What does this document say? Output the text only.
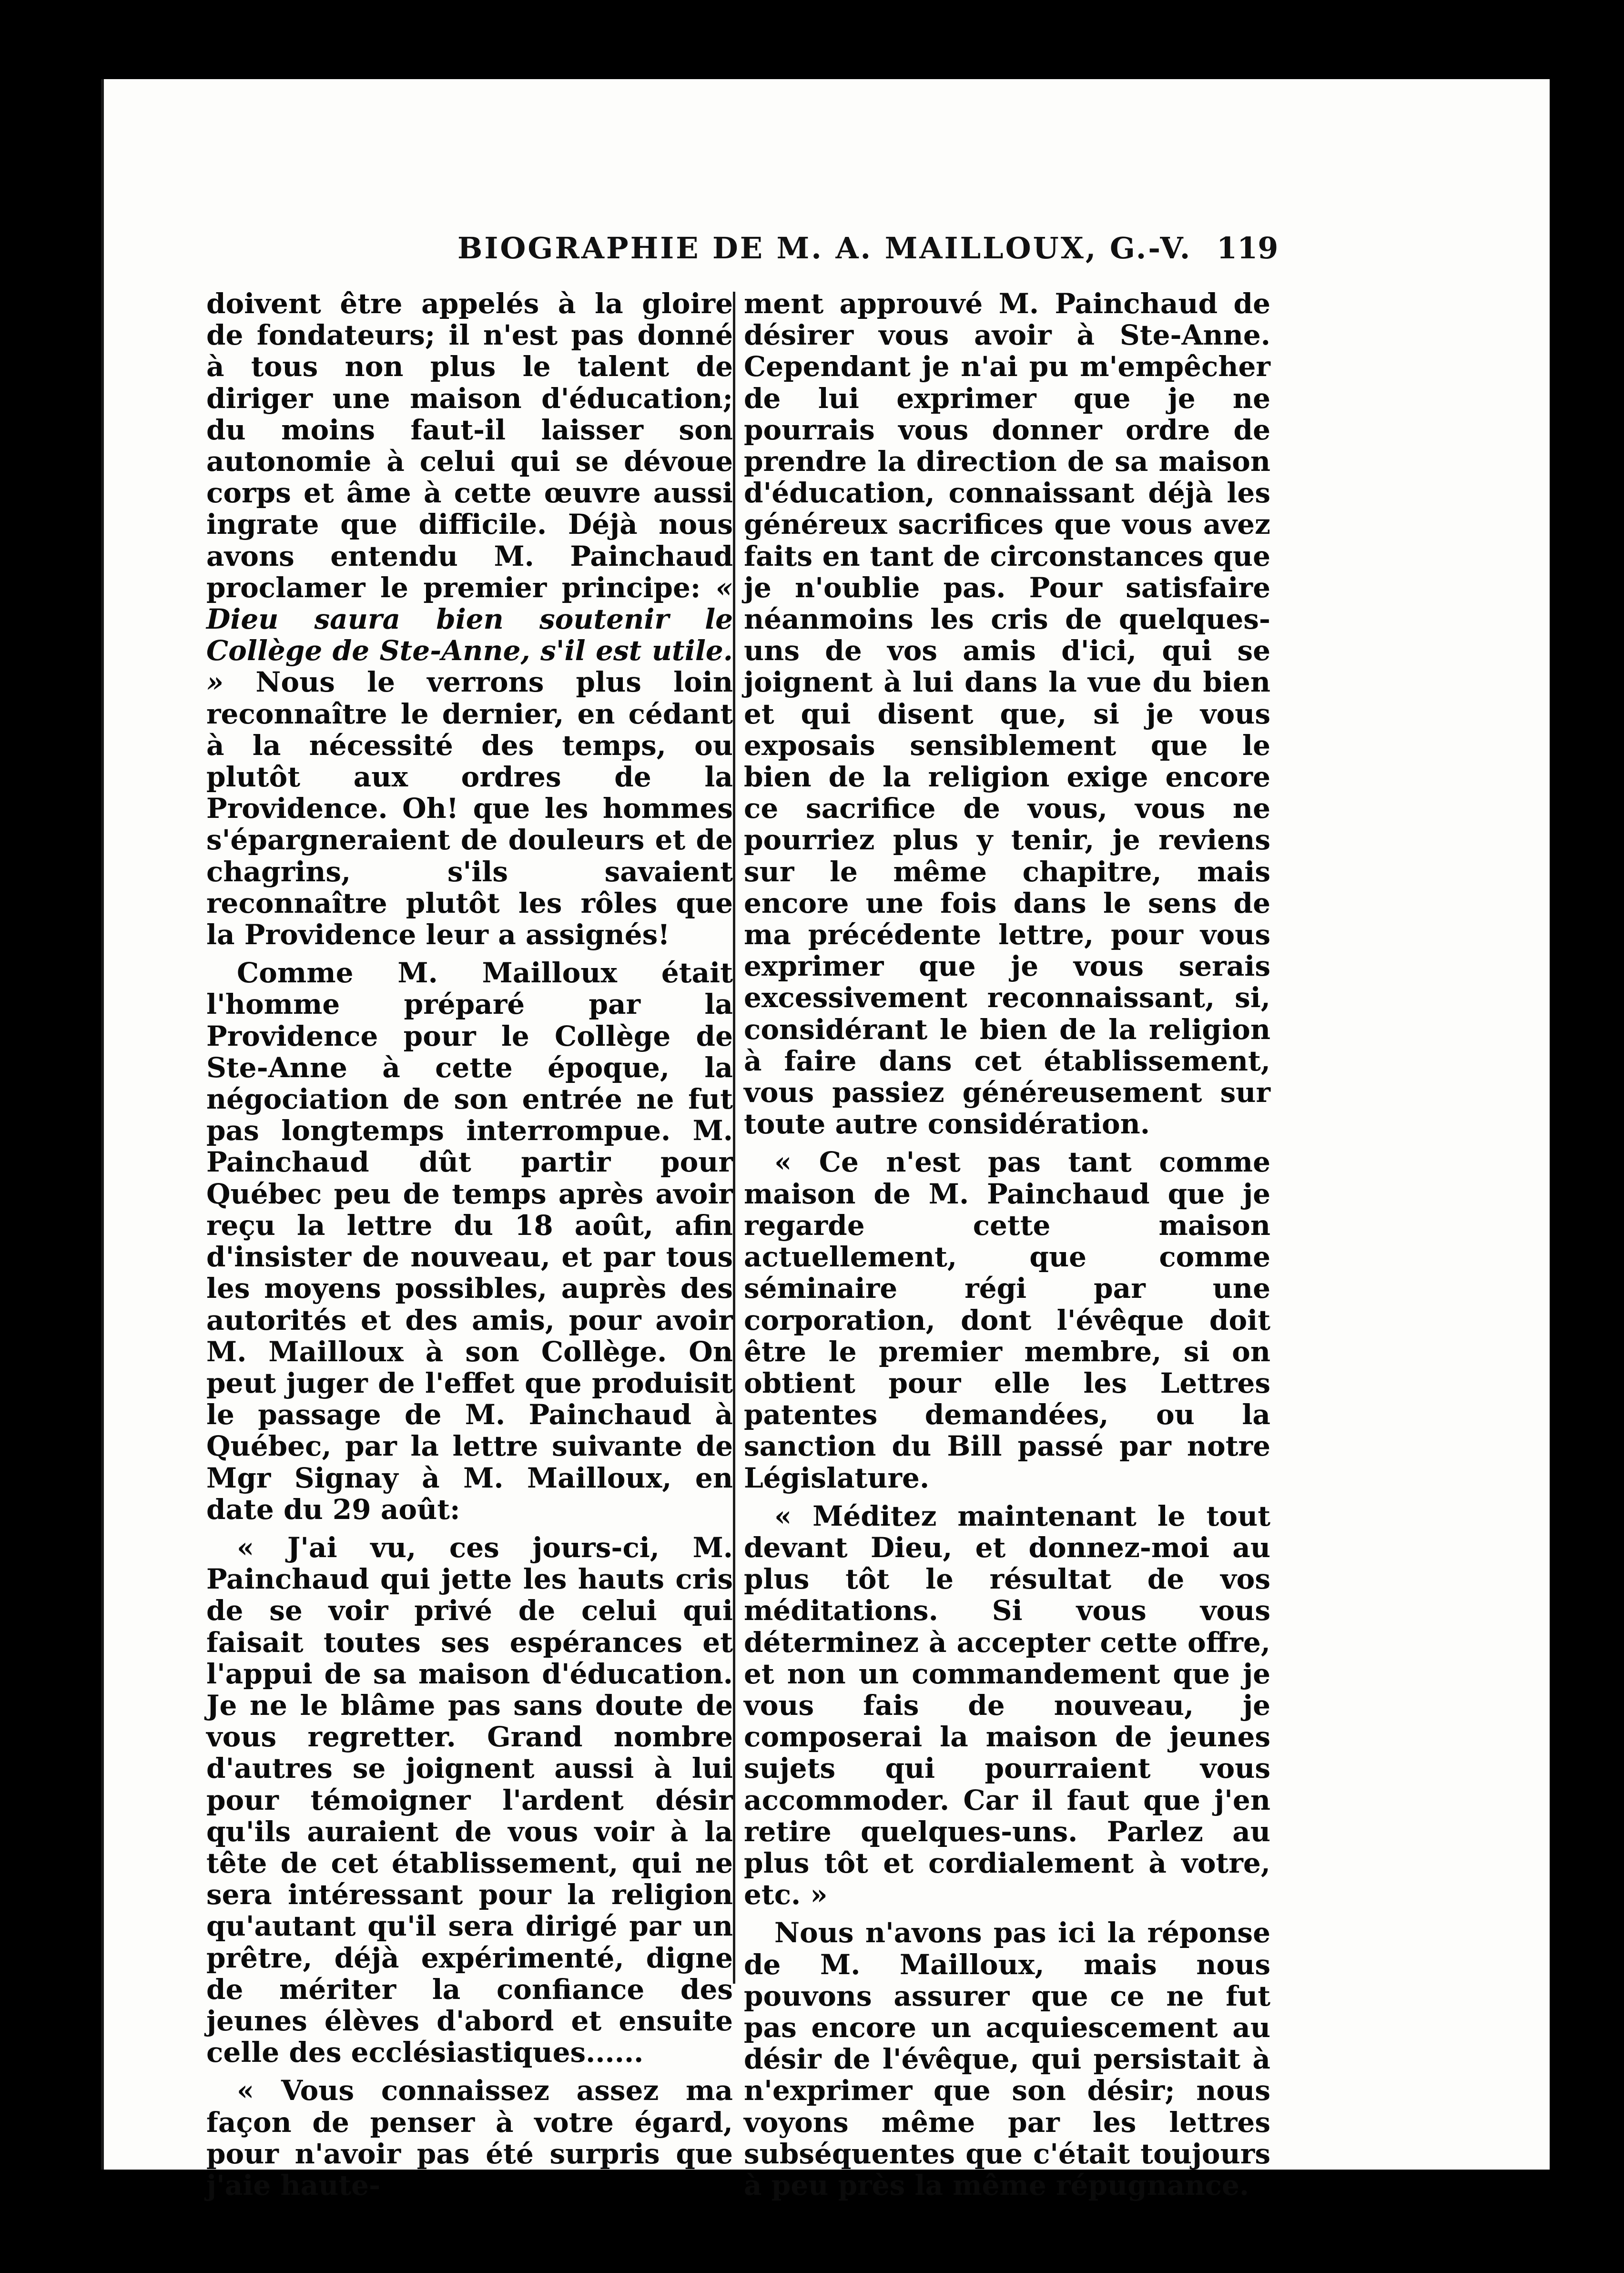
BIOGRAPHIE DE M. A. MAILLOUX, G.-V. 119

doivent être appelés à la gloire de fondateurs; il n'est pas donné à tous non plus le talent de diriger une maison d'éducation; du moins faut-il laisser son autonomie à celui qui se dévoue corps et âme à cette œuvre aussi ingrate que difficile. Déjà nous avons entendu M. Painchaud proclamer le premier principe: « Dieu saura bien soutenir le Collège de Ste-Anne, s'il est utile. » Nous le verrons plus loin reconnaître le dernier, en cédant à la nécessité des temps, ou plutôt aux ordres de la Providence. Oh! que les hommes s'épargneraient de douleurs et de chagrins, s'ils savaient reconnaître plutôt les rôles que la Providence leur a assignés!

Comme M. Mailloux était l'homme préparé par la Providence pour le Collège de Ste-Anne à cette époque, la négociation de son entrée ne fut pas longtemps interrompue. M. Painchaud dût partir pour Québec peu de temps après avoir reçu la lettre du 18 août, afin d'insister de nouveau, et par tous les moyens possibles, auprès des autorités et des amis, pour avoir M. Mailloux à son Collège. On peut juger de l'effet que produisit le passage de M. Painchaud à Québec, par la lettre suivante de Mgr Signay à M. Mailloux, en date du 29 août:

« J'ai vu, ces jours-ci, M. Painchaud qui jette les hauts cris de se voir privé de celui qui faisait toutes ses espérances et l'appui de sa maison d'éducation. Je ne le blâme pas sans doute de vous regretter. Grand nombre d'autres se joignent aussi à lui pour témoigner l'ardent désir qu'ils auraient de vous voir à la tête de cet établissement, qui ne sera intéressant pour la religion qu'autant qu'il sera dirigé par un prêtre, déjà expérimenté, digne de mériter la confiance des jeunes élèves d'abord et ensuite celle des ecclésiastiques......

« Vous connaissez assez ma façon de penser à votre égard, pour n'avoir pas été surpris que j'aie haute-

ment approuvé M. Painchaud de désirer vous avoir à Ste-Anne. Cependant je n'ai pu m'empêcher de lui exprimer que je ne pourrais vous donner ordre de prendre la direction de sa maison d'éducation, connaissant déjà les généreux sacrifices que vous avez faits en tant de circonstances que je n'oublie pas. Pour satisfaire néanmoins les cris de quelques-uns de vos amis d'ici, qui se joignent à lui dans la vue du bien et qui disent que, si je vous exposais sensiblement que le bien de la religion exige encore ce sacrifice de vous, vous ne pourriez plus y tenir, je reviens sur le même chapitre, mais encore une fois dans le sens de ma précédente lettre, pour vous exprimer que je vous serais excessivement reconnaissant, si, considérant le bien de la religion à faire dans cet établissement, vous passiez généreusement sur toute autre considération.

« Ce n'est pas tant comme maison de M. Painchaud que je regarde cette maison actuellement, que comme séminaire régi par une corporation, dont l'évêque doit être le premier membre, si on obtient pour elle les Lettres patentes demandées, ou la sanction du Bill passé par notre Législature.

« Méditez maintenant le tout devant Dieu, et donnez-moi au plus tôt le résultat de vos méditations. Si vous vous déterminez à accepter cette offre, et non un commandement que je vous fais de nouveau, je composerai la maison de jeunes sujets qui pourraient vous accommoder. Car il faut que j'en retire quelques-uns. Parlez au plus tôt et cordialement à votre, etc. »

Nous n'avons pas ici la réponse de M. Mailloux, mais nous pouvons assurer que ce ne fut pas encore un acquiescement au désir de l'évêque, qui persistait à n'exprimer que son désir; nous voyons même par les lettres subséquentes que c'était toujours à peu près la même répugnance.
